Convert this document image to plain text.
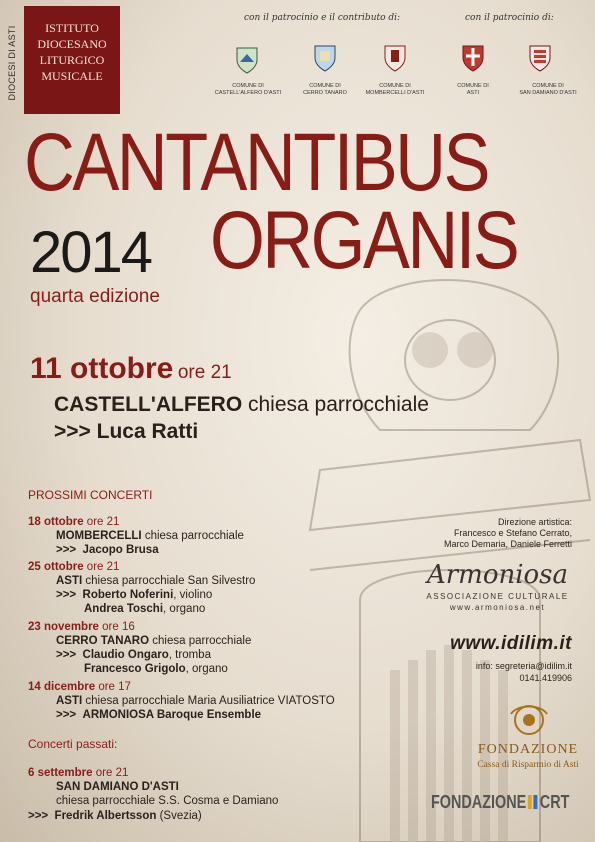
DIOCESI DI ASTI	ISTITUTO
DIOCESANO
LITURGICO
MUSICALE
con il patrocinio e il contributo di:	con il patrocinio di:
COMUNE DI
CASTELL'ALFERO D'ASTI
COMUNE DI
CERRO TANARO
COMUNE DI
MOMBERCELLI D'ASTI
COMUNE DI
ASTI
COMUNE DI
SAN DAMIANO D'ASTI
CANTANTIBUS
2014 ORGANIS
quarta edizione
11 ottobre ore 21
CASTELL'ALFERO chiesa parrocchiale
>>> Luca Ratti
PROSSIMI CONCERTI
18 ottobre ore 21
MOMBERCELLI chiesa parrocchiale
>>> Jacopo Brusa
25 ottobre ore 21
ASTI chiesa parrocchiale San Silvestro
>>> Roberto Noferini, violino
Andrea Toschi, organo
23 novembre ore 16
CERRO TANARO chiesa parrocchiale
>>> Claudio Ongaro, tromba
Francesco Grigolo, organo
14 dicembre ore 17
ASTI chiesa parrocchiale Maria Ausiliatrice VIATOSTO
>>> ARMONIOSA Baroque Ensemble
Concerti passati:
6 settembre ore 21
SAN DAMIANO D'ASTI
chiesa parrocchiale S.S. Cosma e Damiano
>>> Fredrik Albertsson (Svezia)
Direzione artistica:
Francesco e Stefano Cerrato,
Marco Demaria, Daniele Ferretti
Armoniosa
ASSOCIAZIONE CULTURALE
www.armoniosa.net
www.idilim.it
info: segreteria@idilim.it
0141.419906
FONDAZIONE
Cassa di Risparmio di Asti
FONDAZIONE CRT
